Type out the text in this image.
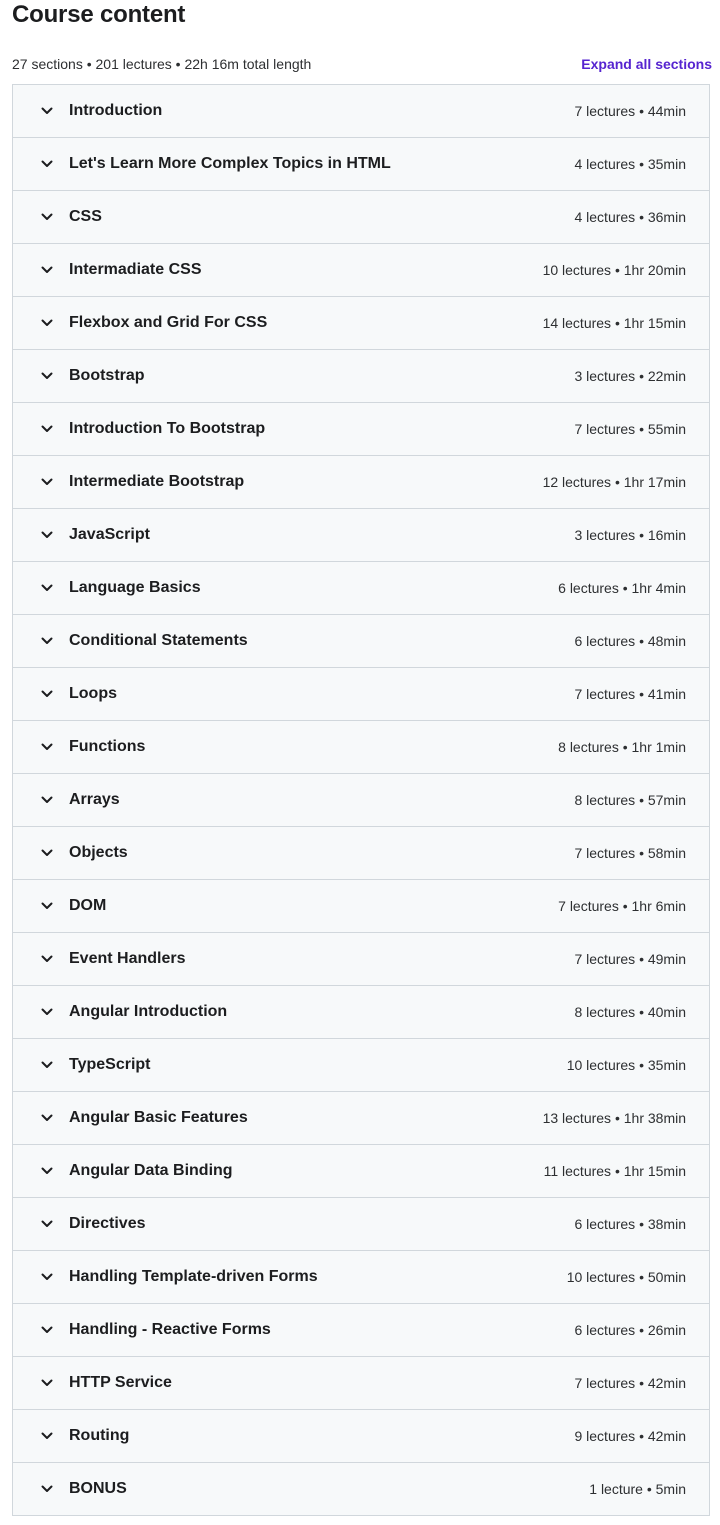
Course content
27 sections • 201 lectures • 22h 16m total length	Expand all sections
Introduction	7 lectures • 44min
Let's Learn More Complex Topics in HTML	4 lectures • 35min
CSS	4 lectures • 36min
Intermadiate CSS	10 lectures • 1hr 20min
Flexbox and Grid For CSS	14 lectures • 1hr 15min
Bootstrap	3 lectures • 22min
Introduction To Bootstrap	7 lectures • 55min
Intermediate Bootstrap	12 lectures • 1hr 17min
JavaScript	3 lectures • 16min
Language Basics	6 lectures • 1hr 4min
Conditional Statements	6 lectures • 48min
Loops	7 lectures • 41min
Functions	8 lectures • 1hr 1min
Arrays	8 lectures • 57min
Objects	7 lectures • 58min
DOM	7 lectures • 1hr 6min
Event Handlers	7 lectures • 49min
Angular Introduction	8 lectures • 40min
TypeScript	10 lectures • 35min
Angular Basic Features	13 lectures • 1hr 38min
Angular Data Binding	11 lectures • 1hr 15min
Directives	6 lectures • 38min
Handling Template-driven Forms	10 lectures • 50min
Handling - Reactive Forms	6 lectures • 26min
HTTP Service	7 lectures • 42min
Routing	9 lectures • 42min
BONUS	1 lecture • 5min
